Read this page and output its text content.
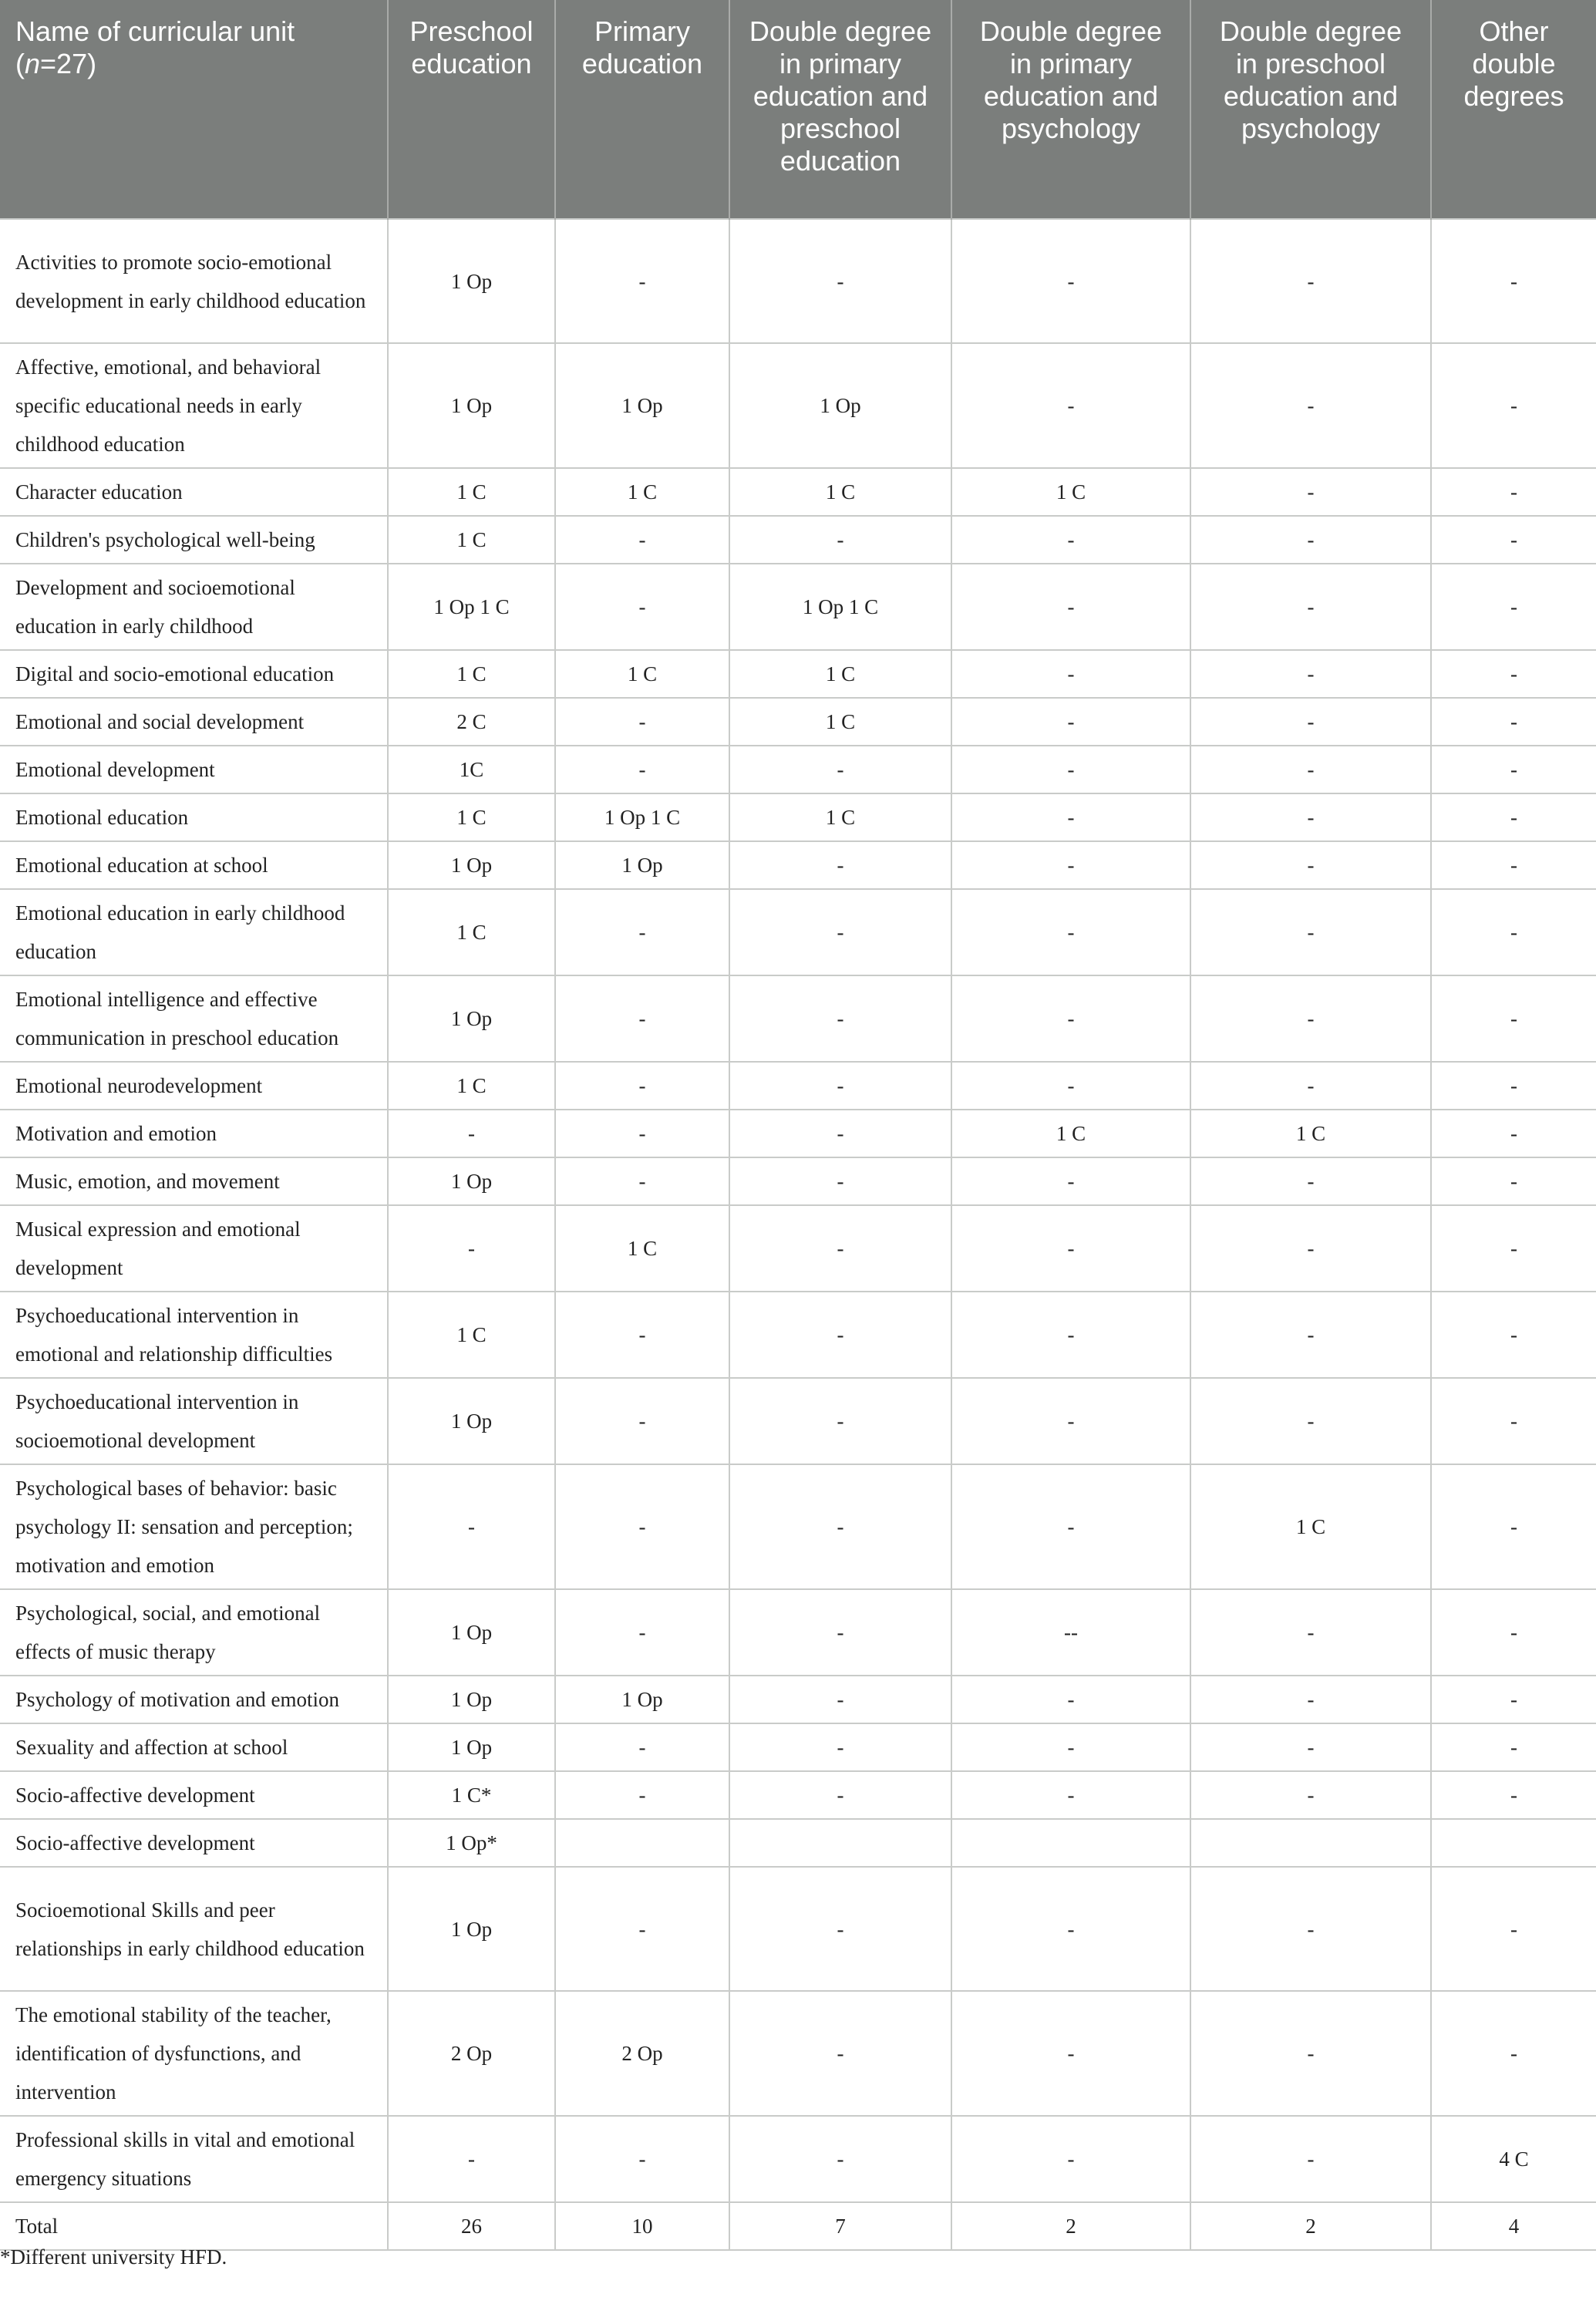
Name of curricular unit
(n=27)	Preschool education	Primary education	Double degree in primary education and preschool education	Double degree in primary education and psychology	Double degree in preschool education and psychology	Other double degrees
Activities to promote socio-emotional development in early childhood education	1 Op	-	-	-	-	-
Affective, emotional, and behavioral specific educational needs in early childhood education	1 Op	1 Op	1 Op	-	-	-
Character education	1 C	1 C	1 C	1 C	-	-
Children's psychological well-being	1 C	-	-	-	-	-
Development and socioemotional education in early childhood	1 Op 1 C	-	1 Op 1 C	-	-	-
Digital and socio-emotional education	1 C	1 C	1 C	-	-	-
Emotional and social development	2 C	-	1 C	-	-	-
Emotional development	1C	-	-	-	-	-
Emotional education	1 C	1 Op 1 C	1 C	-	-	-
Emotional education at school	1 Op	1 Op	-	-	-	-
Emotional education in early childhood education	1 C	-	-	-	-	-
Emotional intelligence and effective communication in preschool education	1 Op	-	-	-	-	-
Emotional neurodevelopment	1 C	-	-	-	-	-
Motivation and emotion	-	-	-	1 C	1 C	-
Music, emotion, and movement	1 Op	-	-	-	-	-
Musical expression and emotional development	-	1 C	-	-	-	-
Psychoeducational intervention in emotional and relationship difficulties	1 C	-	-	-	-	-
Psychoeducational intervention in socioemotional development	1 Op	-	-	-	-	-
Psychological bases of behavior: basic psychology II: sensation and perception; motivation and emotion	-	-	-	-	1 C	-
Psychological, social, and emotional effects of music therapy	1 Op	-	-	--	-	-
Psychology of motivation and emotion	1 Op	1 Op	-	-	-	-
Sexuality and affection at school	1 Op	-	-	-	-	-
Socio-affective development	1 C*	-	-	-	-	-
Socio-affective development	1 Op*					
Socioemotional Skills and peer relationships in early childhood education	1 Op	-	-	-	-	-
The emotional stability of the teacher, identification of dysfunctions, and intervention	2 Op	2 Op	-	-	-	-
Professional skills in vital and emotional emergency situations	-	-	-	-	-	4 C
Total	26	10	7	2	2	4
*Different university HFD.
